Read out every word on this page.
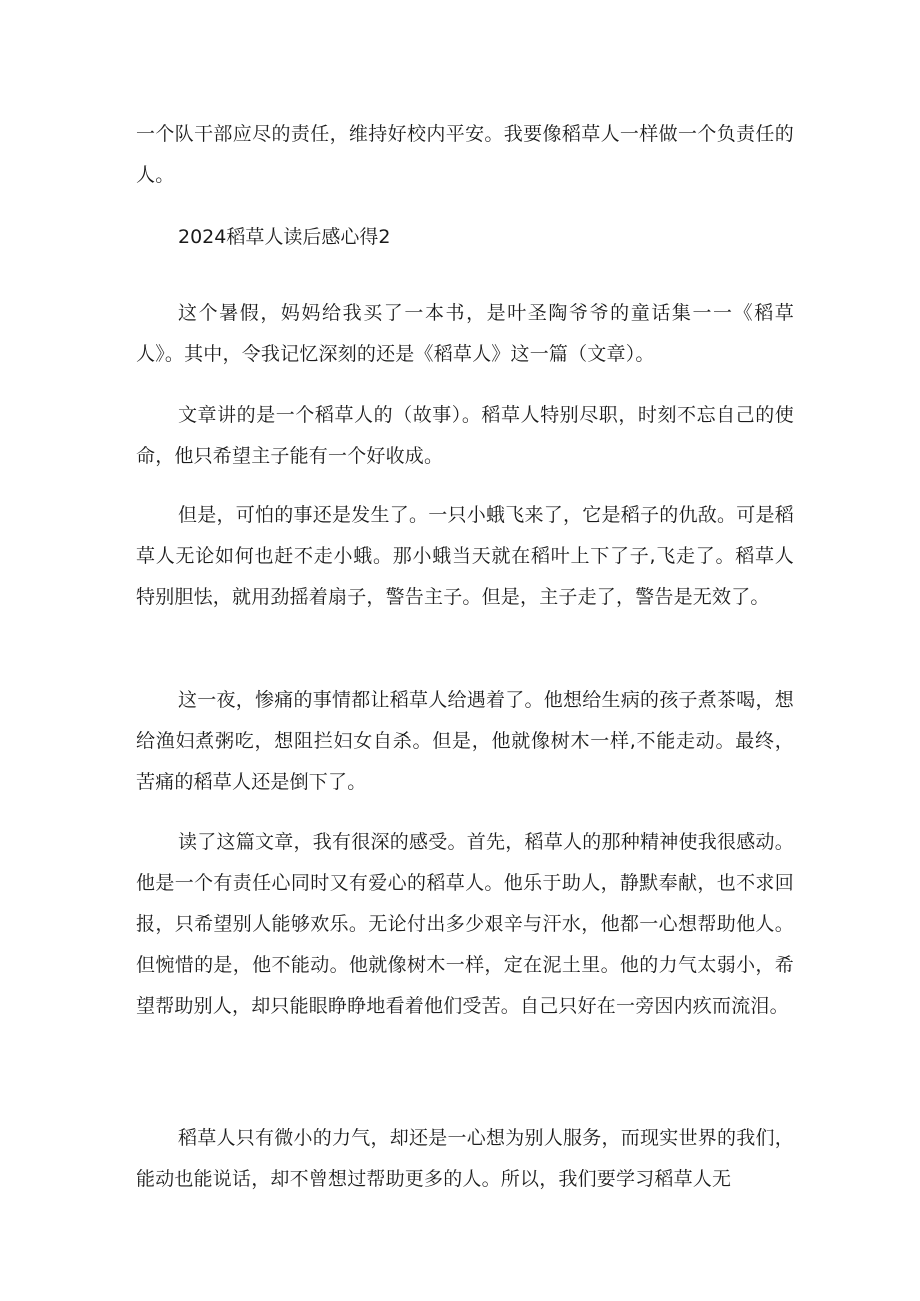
一个队干部应尽的责任，维持好校内平安。我要像稻草人一样做一个负责任的人。

2024稻草人读后感心得2

这个暑假，妈妈给我买了一本书，是叶圣陶爷爷的童话集一一《稻草人》。其中，令我记忆深刻的还是《稻草人》这一篇（文章）。

文章讲的是一个稻草人的（故事）。稻草人特别尽职，时刻不忘自己的使命，他只希望主子能有一个好收成。

但是，可怕的事还是发生了。一只小蛾飞来了，它是稻子的仇敌。可是稻草人无论如何也赶不走小蛾。那小蛾当天就在稻叶上下了子,飞走了。稻草人特别胆怯，就用劲摇着扇子，警告主子。但是，主子走了，警告是无效了。

这一夜，惨痛的事情都让稻草人给遇着了。他想给生病的孩子煮茶喝，想给渔妇煮粥吃，想阻拦妇女自杀。但是，他就像树木一样,不能走动。最终，苦痛的稻草人还是倒下了。

读了这篇文章，我有很深的感受。首先，稻草人的那种精神使我很感动。他是一个有责任心同时又有爱心的稻草人。他乐于助人，静默奉献，也不求回报，只希望别人能够欢乐。无论付出多少艰辛与汗水，他都一心想帮助他人。但惋惜的是，他不能动。他就像树木一样，定在泥土里。他的力气太弱小，希望帮助别人，却只能眼睁睁地看着他们受苦。自己只好在一旁因内疚而流泪。

稻草人只有微小的力气，却还是一心想为别人服务，而现实世界的我们，能动也能说话，却不曾想过帮助更多的人。所以，我们要学习稻草人无
